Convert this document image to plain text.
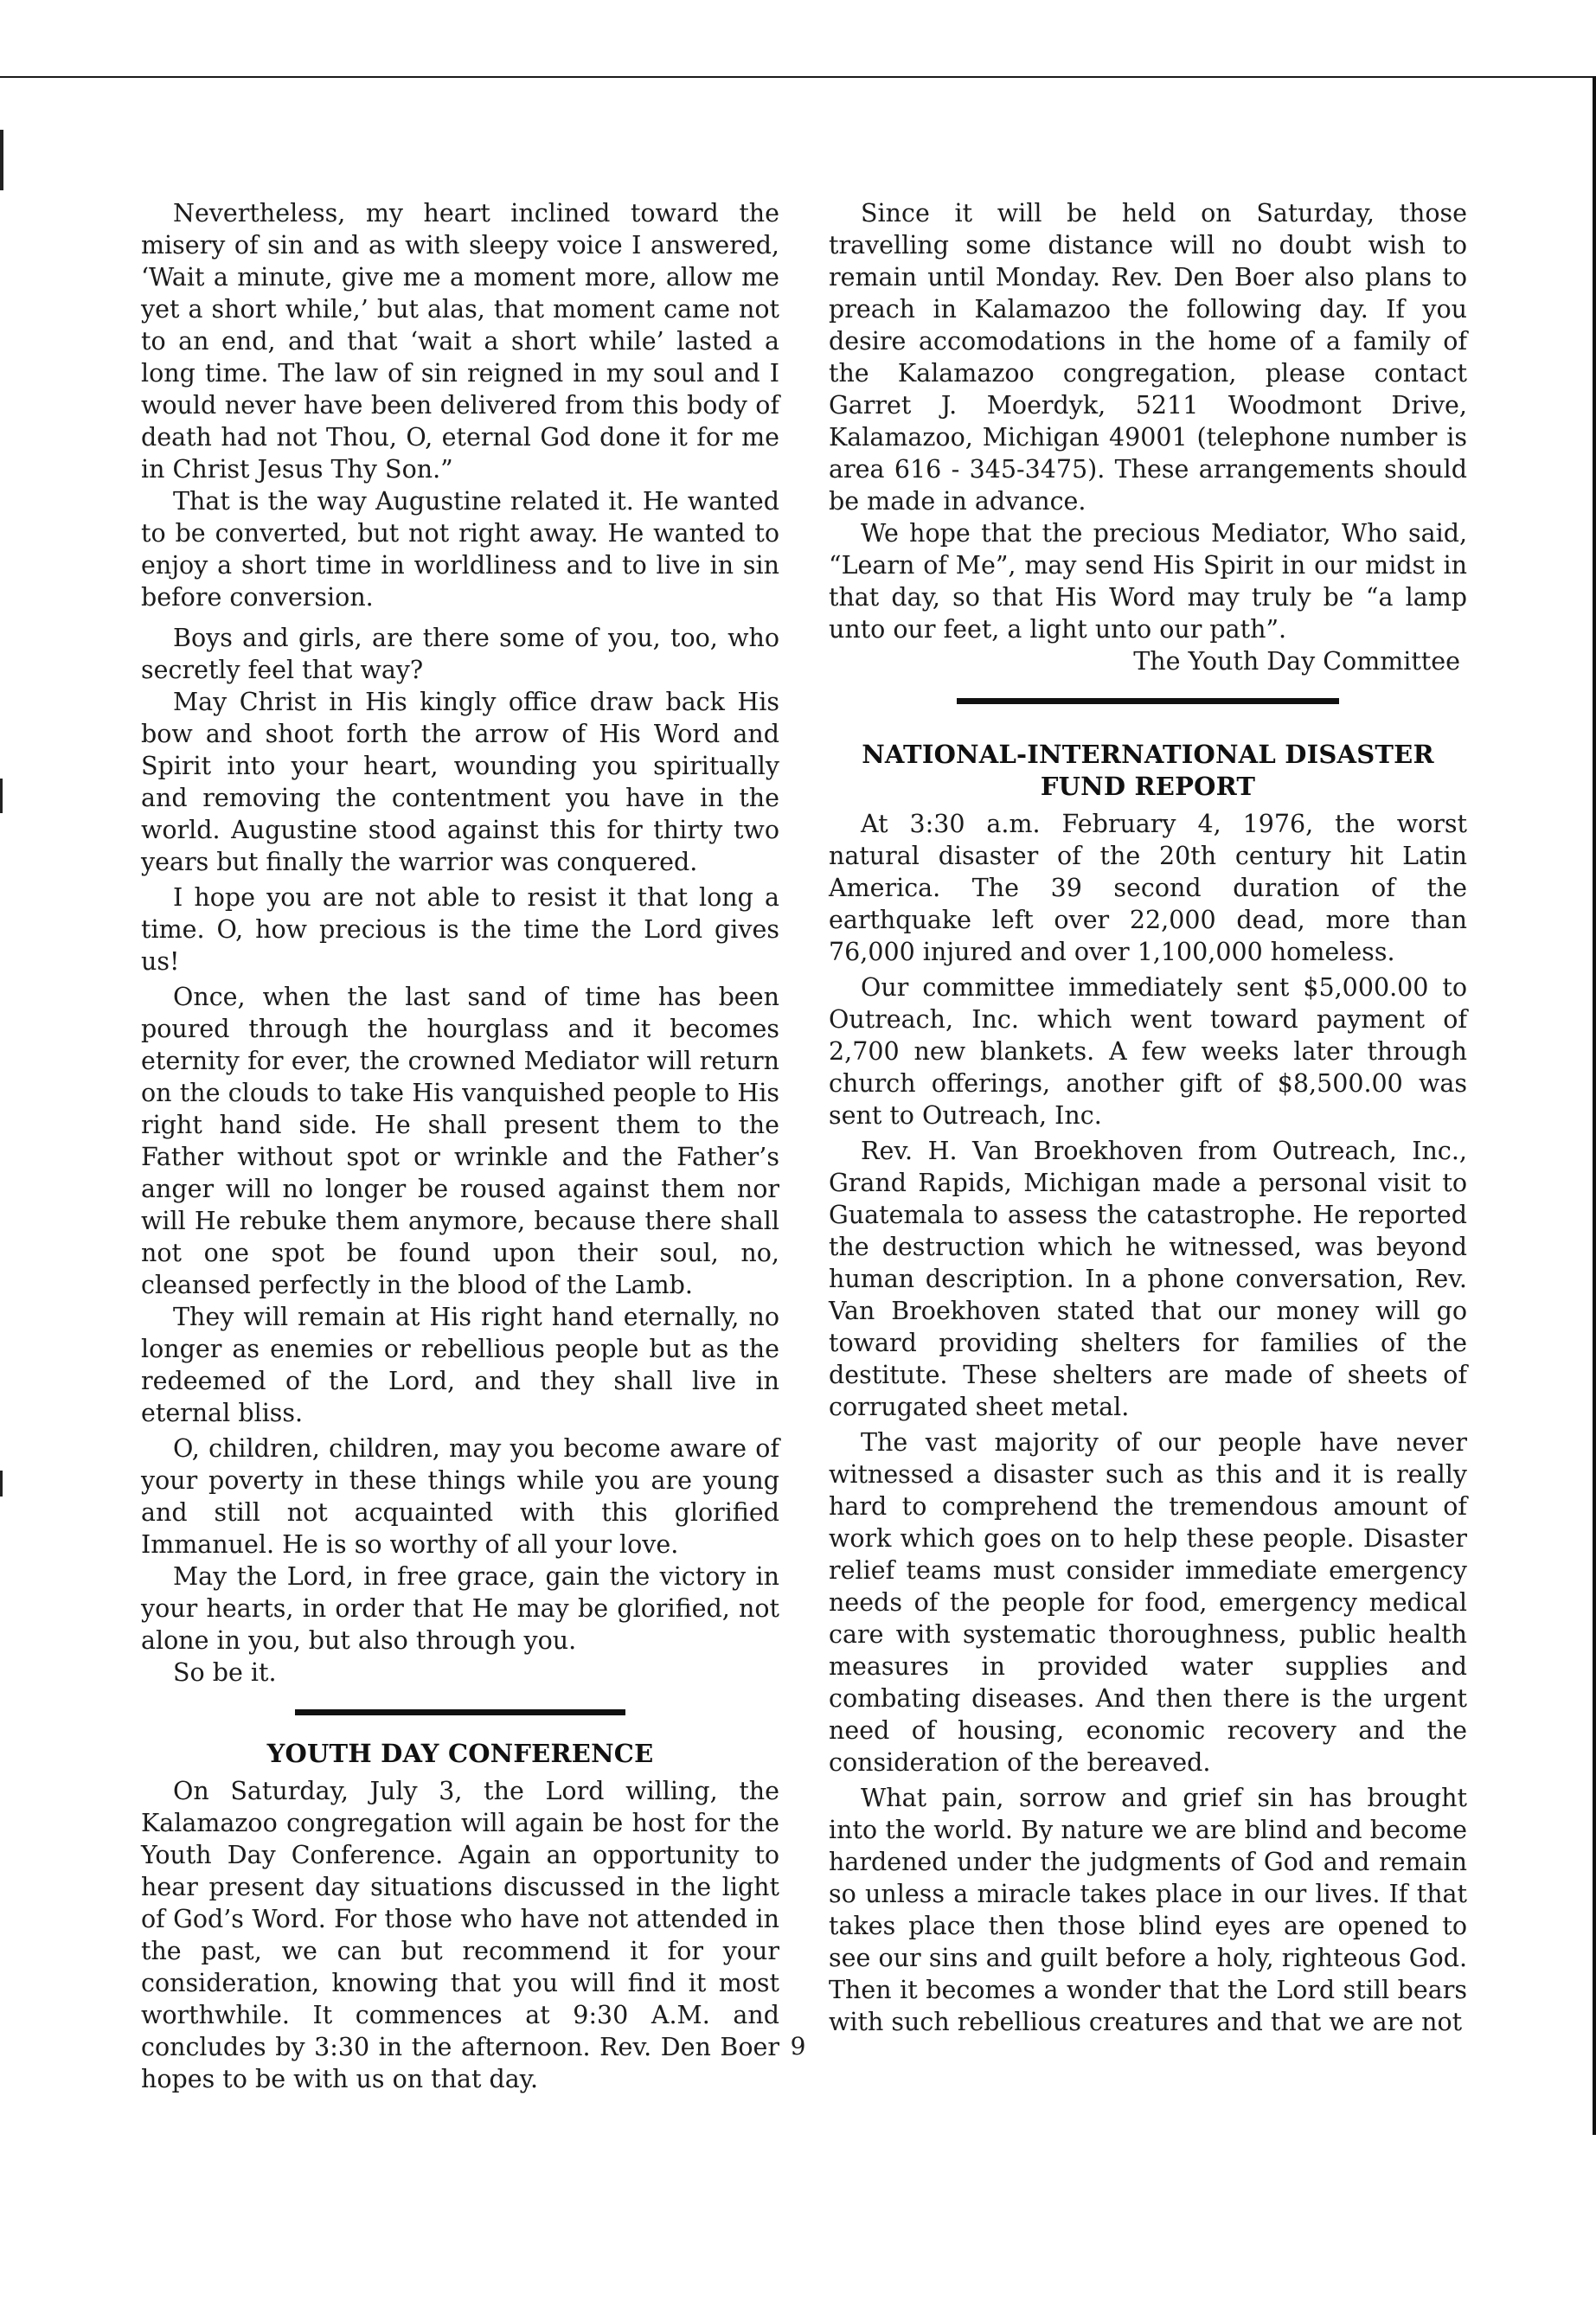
Nevertheless, my heart inclined toward the misery of sin and as with sleepy voice I answered, ‘Wait a minute, give me a moment more, allow me yet a short while,’ but alas, that moment came not to an end, and that ‘wait a short while’ lasted a long time. The law of sin reigned in my soul and I would never have been delivered from this body of death had not Thou, O, eternal God done it for me in Christ Jesus Thy Son.”

That is the way Augustine related it. He wanted to be converted, but not right away. He wanted to enjoy a short time in worldliness and to live in sin before conversion.

Boys and girls, are there some of you, too, who secretly feel that way?

May Christ in His kingly office draw back His bow and shoot forth the arrow of His Word and Spirit into your heart, wounding you spiritually and removing the contentment you have in the world. Augustine stood against this for thirty two years but finally the warrior was conquered.

I hope you are not able to resist it that long a time. O, how precious is the time the Lord gives us!

Once, when the last sand of time has been poured through the hourglass and it becomes eternity for ever, the crowned Mediator will return on the clouds to take His vanquished people to His right hand side. He shall present them to the Father without spot or wrinkle and the Father’s anger will no longer be roused against them nor will He rebuke them anymore, because there shall not one spot be found upon their soul, no, cleansed perfectly in the blood of the Lamb.

They will remain at His right hand eternally, no longer as enemies or rebellious people but as the redeemed of the Lord, and they shall live in eternal bliss.

O, children, children, may you become aware of your poverty in these things while you are young and still not acquainted with this glorified Immanuel. He is so worthy of all your love.

May the Lord, in free grace, gain the victory in your hearts, in order that He may be glorified, not alone in you, but also through you.

So be it.

YOUTH DAY CONFERENCE

On Saturday, July 3, the Lord willing, the Kalamazoo congregation will again be host for the Youth Day Conference. Again an opportunity to hear present day situations discussed in the light of God’s Word. For those who have not attended in the past, we can but recommend it for your consideration, knowing that you will find it most worthwhile. It commences at 9:30 A.M. and concludes by 3:30 in the afternoon. Rev. Den Boer hopes to be with us on that day.

Since it will be held on Saturday, those travelling some distance will no doubt wish to remain until Monday. Rev. Den Boer also plans to preach in Kalamazoo the following day. If you desire accomodations in the home of a family of the Kalamazoo congregation, please contact Garret J. Moerdyk, 5211 Woodmont Drive, Kalamazoo, Michigan 49001 (telephone number is area 616 - 345-3475). These arrangements should be made in advance.

We hope that the precious Mediator, Who said, “Learn of Me”, may send His Spirit in our midst in that day, so that His Word may truly be “a lamp unto our feet, a light unto our path”.

The Youth Day Committee

NATIONAL-INTERNATIONAL DISASTER
FUND REPORT

At 3:30 a.m. February 4, 1976, the worst natural disaster of the 20th century hit Latin America. The 39 second duration of the earthquake left over 22,000 dead, more than 76,000 injured and over 1,100,000 homeless.

Our committee immediately sent $5,000.00 to Outreach, Inc. which went toward payment of 2,700 new blankets. A few weeks later through church offerings, another gift of $8,500.00 was sent to Outreach, Inc.

Rev. H. Van Broekhoven from Outreach, Inc., Grand Rapids, Michigan made a personal visit to Guatemala to assess the catastrophe. He reported the destruction which he witnessed, was beyond human description. In a phone conversation, Rev. Van Broekhoven stated that our money will go toward providing shelters for families of the destitute. These shelters are made of sheets of corrugated sheet metal.

The vast majority of our people have never witnessed a disaster such as this and it is really hard to comprehend the tremendous amount of work which goes on to help these people. Disaster relief teams must consider immediate emergency needs of the people for food, emergency medical care with systematic thoroughness, public health measures in provided water supplies and combating diseases. And then there is the urgent need of housing, economic recovery and the consideration of the bereaved.

What pain, sorrow and grief sin has brought into the world. By nature we are blind and become hardened under the judgments of God and remain so unless a miracle takes place in our lives. If that takes place then those blind eyes are opened to see our sins and guilt before a holy, righteous God. Then it becomes a wonder that the Lord still bears with such rebellious creatures and that we are not

9
